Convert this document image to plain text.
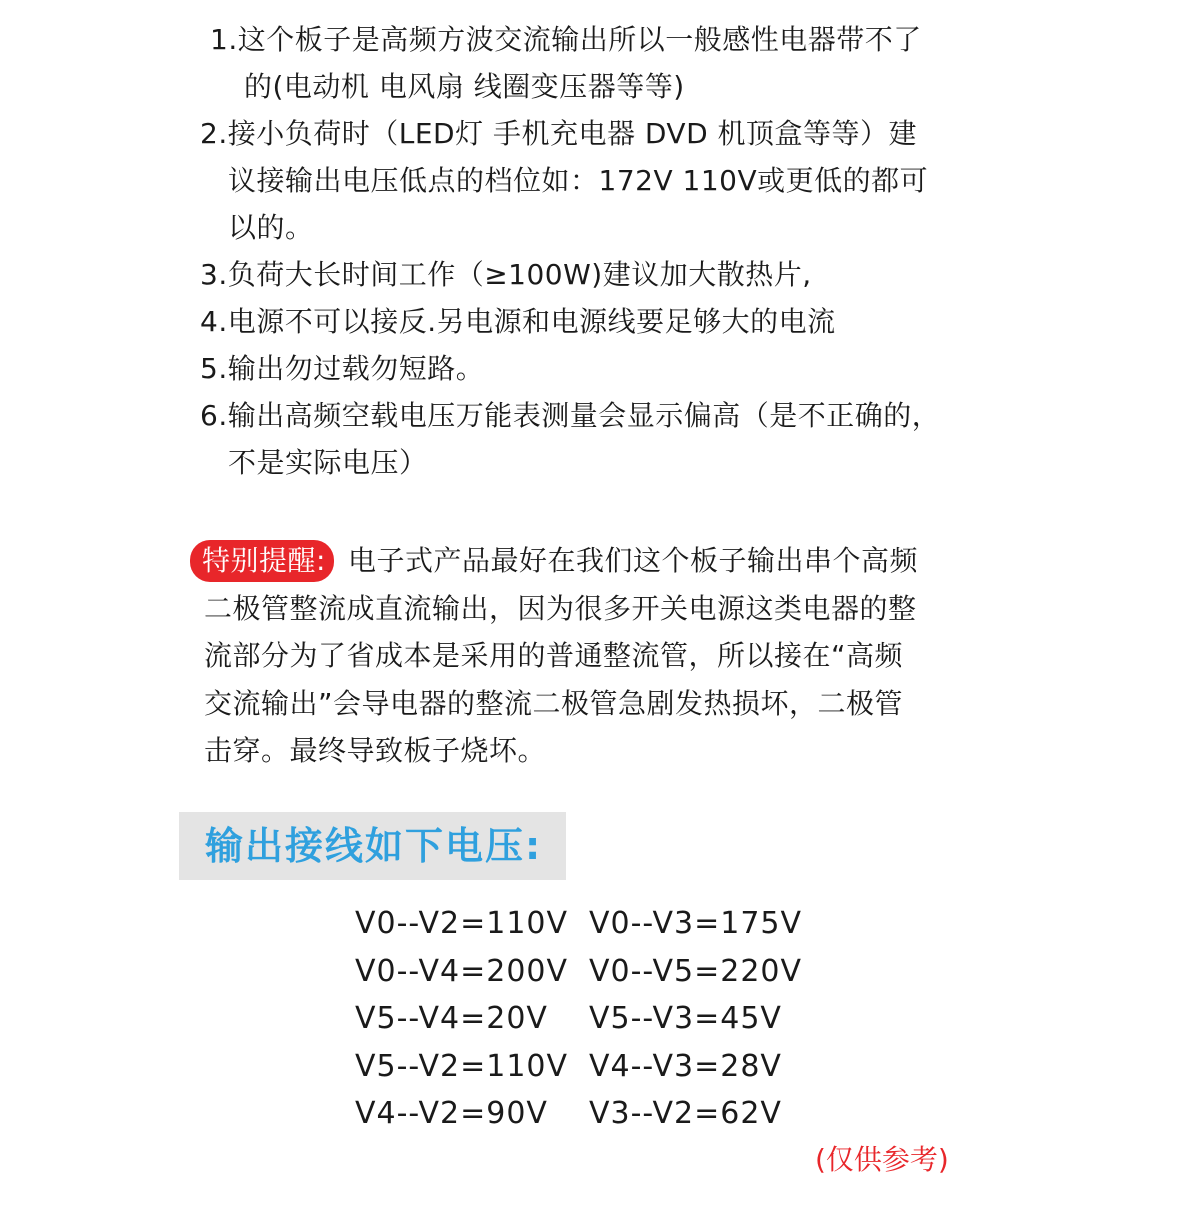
1.这个板子是高频方波交流输出所以一般感性电器带不了
的(电动机 电风扇 线圈变压器等等)
2.接小负荷时（LED灯 手机充电器 DVD 机顶盒等等）建
议接输出电压低点的档位如：172V 110V或更低的都可
以的。
3.负荷大长时间工作（≥100W)建议加大散热片,
4.电源不可以接反.另电源和电源线要足够大的电流
5.输出勿过载勿短路。
6.输出高频空载电压万能表测量会显示偏高（是不正确的，
不是实际电压）
特别提醒: 电子式产品最好在我们这个板子输出串个高频
二极管整流成直流输出，因为很多开关电源这类电器的整
流部分为了省成本是采用的普通整流管，所以接在“高频
交流输出”会导电器的整流二极管急剧发热损坏，二极管
击穿。最终导致板子烧坏。
输出接线如下电压:
V0--V2=110V V0--V3=175V
V0--V4=200V V0--V5=220V
V5--V4=20V V5--V3=45V
V5--V2=110V V4--V3=28V
V4--V2=90V V3--V2=62V
(仅供参考)
